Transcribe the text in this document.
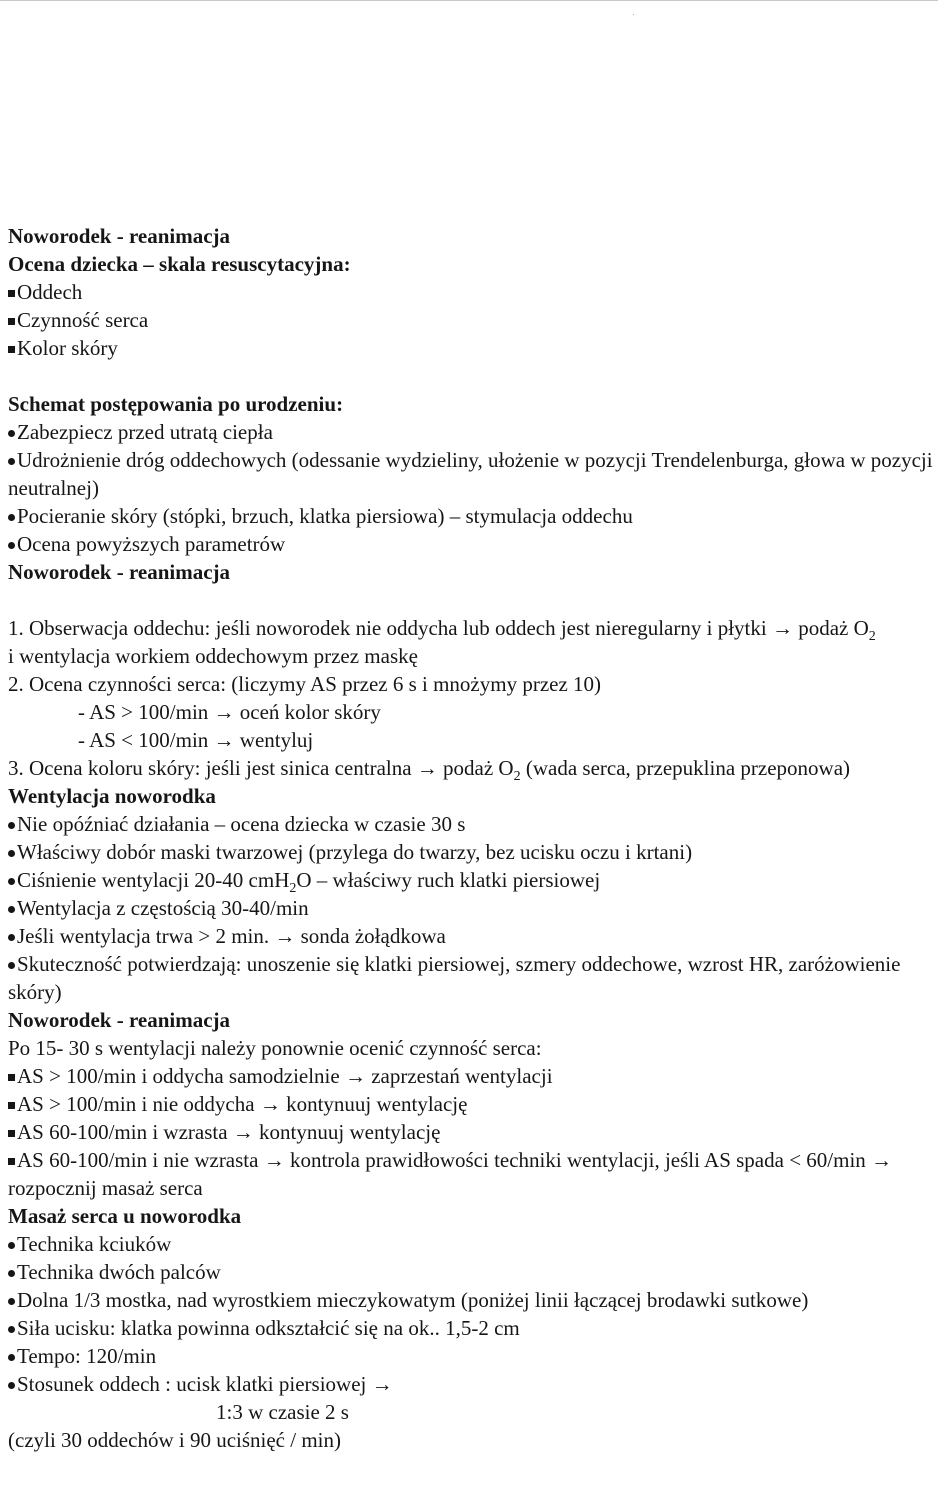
Noworodek - reanimacja
Ocena dziecka – skala resuscytacyjna:
Oddech
Czynność serca
Kolor skóry
Schemat postępowania po urodzeniu:
Zabezpiecz przed utratą ciepła
Udrożnienie dróg oddechowych (odessanie wydzieliny, ułożenie w pozycji Trendelenburga, głowa w pozycji neutralnej)
Pocieranie skóry (stópki, brzuch, klatka piersiowa) – stymulacja oddechu
Ocena powyższych parametrów
Noworodek - reanimacja
1. Obserwacja oddechu: jeśli noworodek nie oddycha lub oddech jest nieregularny i płytki → podaż $O_2$
i wentylacja workiem oddechowym przez maskę
2. Ocena czynności serca: (liczymy AS przez 6 s i mnożymy przez 10)
- AS > 100/min → oceń kolor skóry
- AS < 100/min → wentyluj
3. Ocena koloru skóry: jeśli jest sinica centralna → podaż $O_2$ (wada serca, przepuklina przeponowa)
Wentylacja noworodka
Nie opóźniać działania – ocena dziecka w czasie 30 s
Właściwy dobór maski twarzowej (przylega do twarzy, bez ucisku oczu i krtani)
Ciśnienie wentylacji 20-40 cmH$_2$O – właściwy ruch klatki piersiowej
Wentylacja z częstością 30-40/min
Jeśli wentylacja trwa > 2 min. → sonda żołądkowa
Skuteczność potwierdzają: unoszenie się klatki piersiowej, szmery oddechowe, wzrost HR, zaróżowienie skóry)
Noworodek - reanimacja
Po 15- 30 s wentylacji należy ponownie ocenić czynność serca:
AS > 100/min i oddycha samodzielnie → zaprzestań wentylacji
AS > 100/min i nie oddycha → kontynuuj wentylację
AS 60-100/min i wzrasta → kontynuuj wentylację
AS 60-100/min i nie wzrasta → kontrola prawidłowości techniki wentylacji, jeśli AS spada < 60/min → rozpocznij masaż serca
Masaż serca u noworodka
Technika kciuków
Technika dwóch palców
Dolna 1/3 mostka, nad wyrostkiem mieczykowatym (poniżej linii łączącej brodawki sutkowe)
Siła ucisku: klatka powinna odkształcić się na ok.. 1,5-2 cm
Tempo: 120/min
Stosunek oddech : ucisk klatki piersiowej →
1:3 w czasie 2 s
(czyli 30 oddechów i 90 uciśnięć / min)
